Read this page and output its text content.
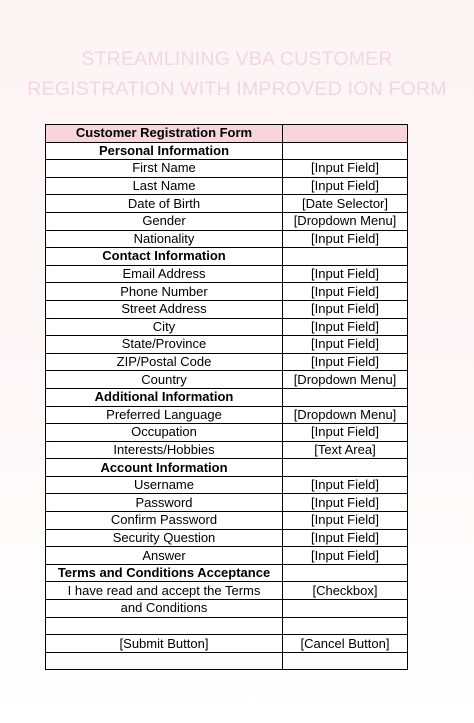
STREAMLINING VBA CUSTOMER
REGISTRATION WITH IMPROVED ION FORM
Customer Registration Form	
Personal Information	
First Name	[Input Field]
Last Name	[Input Field]
Date of Birth	[Date Selector]
Gender	[Dropdown Menu]
Nationality	[Input Field]
Contact Information	
Email Address	[Input Field]
Phone Number	[Input Field]
Street Address	[Input Field]
City	[Input Field]
State/Province	[Input Field]
ZIP/Postal Code	[Input Field]
Country	[Dropdown Menu]
Additional Information	
Preferred Language	[Dropdown Menu]
Occupation	[Input Field]
Interests/Hobbies	[Text Area]
Account Information	
Username	[Input Field]
Password	[Input Field]
Confirm Password	[Input Field]
Security Question	[Input Field]
Answer	[Input Field]
Terms and Conditions Acceptance	
I have read and accept the Terms	[Checkbox]
and Conditions	

[Submit Button]	[Cancel Button]
